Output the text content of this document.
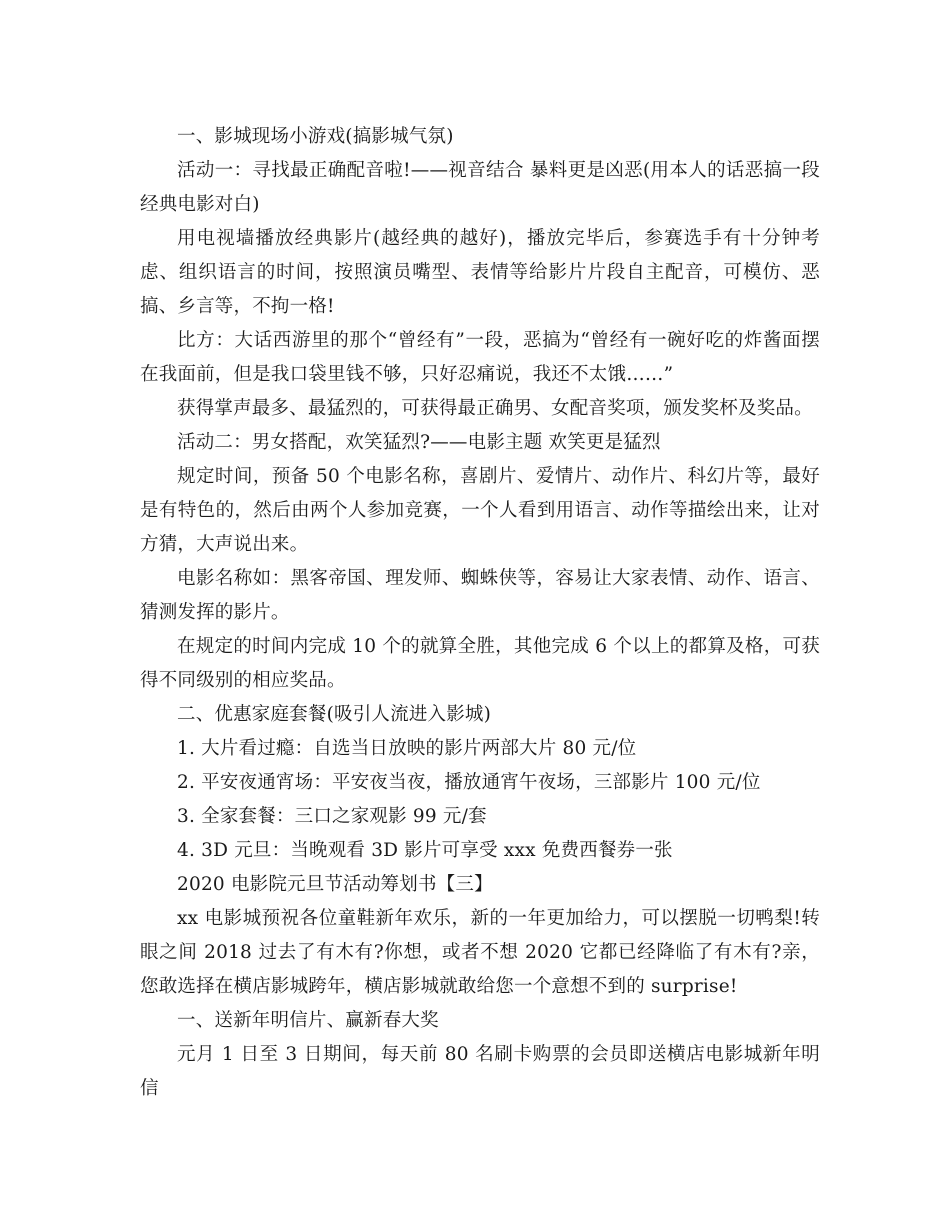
一、影城现场小游戏(搞影城气氛)

活动一：寻找最正确配音啦!——视音结合 暴料更是凶恶(用本人的话恶搞一段经典电影对白)

用电视墙播放经典影片(越经典的越好)，播放完毕后，参赛选手有十分钟考虑、组织语言的时间，按照演员嘴型、表情等给影片片段自主配音，可模仿、恶搞、乡言等，不拘一格!

比方：大话西游里的那个“曾经有”一段，恶搞为“曾经有一碗好吃的炸酱面摆在我面前，但是我口袋里钱不够，只好忍痛说，我还不太饿……”

获得掌声最多、最猛烈的，可获得最正确男、女配音奖项，颁发奖杯及奖品。

活动二：男女搭配，欢笑猛烈?——电影主题 欢笑更是猛烈

规定时间，预备 50 个电影名称，喜剧片、爱情片、动作片、科幻片等，最好是有特色的，然后由两个人参加竞赛，一个人看到用语言、动作等描绘出来，让对方猜，大声说出来。

电影名称如：黑客帝国、理发师、蜘蛛侠等，容易让大家表情、动作、语言、猜测发挥的影片。

在规定的时间内完成 10 个的就算全胜，其他完成 6 个以上的都算及格，可获得不同级别的相应奖品。

二、优惠家庭套餐(吸引人流进入影城)

1. 大片看过瘾：自选当日放映的影片两部大片 80 元/位

2. 平安夜通宵场：平安夜当夜，播放通宵午夜场，三部影片 100 元/位

3. 全家套餐：三口之家观影 99 元/套

4. 3D 元旦：当晚观看 3D 影片可享受 xxx 免费西餐券一张

2020 电影院元旦节活动筹划书【三】

xx 电影城预祝各位童鞋新年欢乐，新的一年更加给力，可以摆脱一切鸭梨!转眼之间 2018 过去了有木有?你想，或者不想 2020 它都已经降临了有木有?亲，您敢选择在横店影城跨年，横店影城就敢给您一个意想不到的 surprise!

一、送新年明信片、赢新春大奖

元月 1 日至 3 日期间，每天前 80 名刷卡购票的会员即送横店电影城新年明信
